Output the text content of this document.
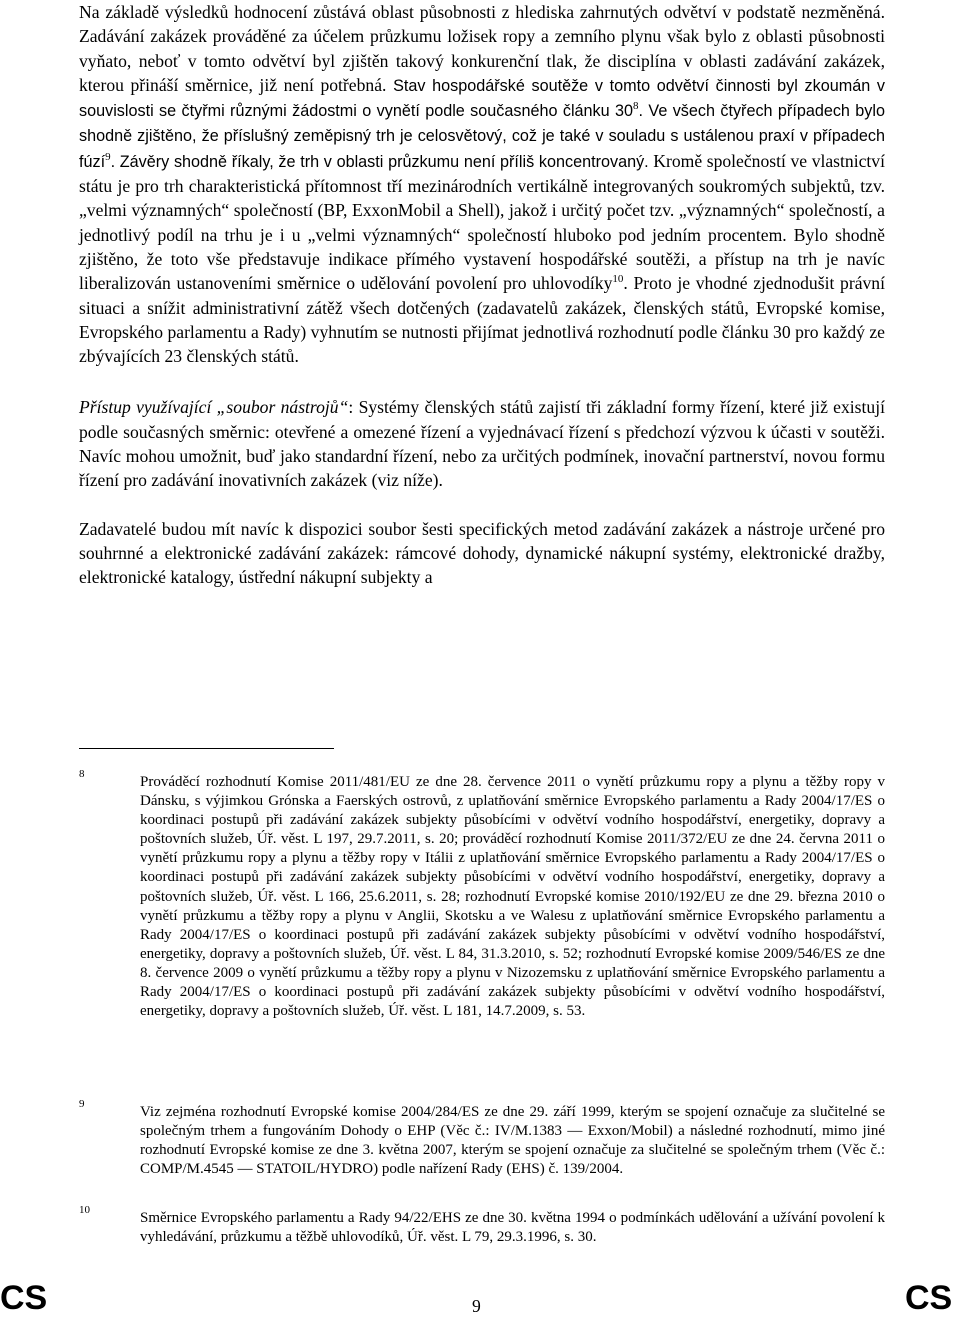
Na základě výsledků hodnocení zůstává oblast působnosti z hlediska zahrnutých odvětví v podstatě nezměněná. Zadávání zakázek prováděné za účelem průzkumu ložisek ropy a zemního plynu však bylo z oblasti působnosti vyňato, neboť v tomto odvětví byl zjištěn takový konkurenční tlak, že disciplína v oblasti zadávání zakázek, kterou přináší směrnice, již není potřebná. Stav hospodářské soutěže v tomto odvětví činnosti byl zkoumán v souvislosti se čtyřmi různými žádostmi o vynětí podle současného článku $30^8$. Ve všech čtyřech případech bylo shodně zjištěno, že příslušný zeměpisný trh je celosvětový, což je také v souladu s ustálenou praxí v případech fúzí$^9$. Závěry shodně říkaly, že trh v oblasti průzkumu není příliš koncentrovaný. Kromě společností ve vlastnictví státu je pro trh charakteristická přítomnost tří mezinárodních vertikálně integrovaných soukromých subjektů, tzv. „velmi významných“ společností (BP, ExxonMobil a Shell), jakož i určitý počet tzv. „významných“ společností, a jednotlivý podíl na trhu je i u „velmi významných“ společností hluboko pod jedním procentem. Bylo shodně zjištěno, že toto vše představuje indikace přímého vystavení hospodářské soutěži, a přístup na trh je navíc liberalizován ustanoveními směrnice o udělování povolení pro uhlovodíky$^{10}$. Proto je vhodné zjednodušit právní situaci a snížit administrativní zátěž všech dotčených (zadavatelů zakázek, členských států, Evropské komise, Evropského parlamentu a Rady) vyhnutím se nutnosti přijímat jednotlivá rozhodnutí podle článku 30 pro každý ze zbývajících 23 členských států.

Přístup využívající „soubor nástrojů“: Systémy členských států zajistí tři základní formy řízení, které již existují podle současných směrnic: otevřené a omezené řízení a vyjednávací řízení s předchozí výzvou k účasti v soutěži. Navíc mohou umožnit, buď jako standardní řízení, nebo za určitých podmínek, inovační partnerství, novou formu řízení pro zadávání inovativních zakázek (viz níže).

Zadavatelé budou mít navíc k dispozici soubor šesti specifických metod zadávání zakázek a nástroje určené pro souhrnné a elektronické zadávání zakázek: rámcové dohody, dynamické nákupní systémy, elektronické dražby, elektronické katalogy, ústřední nákupní subjekty a

8	Prováděcí rozhodnutí Komise 2011/481/EU ze dne 28. července 2011 o vynětí průzkumu ropy a plynu a těžby ropy v Dánsku, s výjimkou Grónska a Faerských ostrovů, z uplatňování směrnice Evropského parlamentu a Rady 2004/17/ES o koordinaci postupů při zadávání zakázek subjekty působícími v odvětví vodního hospodářství, energetiky, dopravy a poštovních služeb, Úř. věst. L 197, 29.7.2011, s. 20; prováděcí rozhodnutí Komise 2011/372/EU ze dne 24. června 2011 o vynětí průzkumu ropy a plynu a těžby ropy v Itálii z uplatňování směrnice Evropského parlamentu a Rady 2004/17/ES o koordinaci postupů při zadávání zakázek subjekty působícími v odvětví vodního hospodářství, energetiky, dopravy a poštovních služeb, Úř. věst. L 166, 25.6.2011, s. 28; rozhodnutí Evropské komise 2010/192/EU ze dne 29. března 2010 o vynětí průzkumu a těžby ropy a plynu v Anglii, Skotsku a ve Walesu z uplatňování směrnice Evropského parlamentu a Rady 2004/17/ES o koordinaci postupů při zadávání zakázek subjekty působícími v odvětví vodního hospodářství, energetiky, dopravy a poštovních služeb, Úř. věst. L 84, 31.3.2010, s. 52; rozhodnutí Evropské komise 2009/546/ES ze dne 8. července 2009 o vynětí průzkumu a těžby ropy a plynu v Nizozemsku z uplatňování směrnice Evropského parlamentu a Rady 2004/17/ES o koordinaci postupů při zadávání zakázek subjekty působícími v odvětví vodního hospodářství, energetiky, dopravy a poštovních služeb, Úř. věst. L 181, 14.7.2009, s. 53.
9	Viz zejména rozhodnutí Evropské komise 2004/284/ES ze dne 29. září 1999, kterým se spojení označuje za slučitelné se společným trhem a fungováním Dohody o EHP (Věc č.: IV/M.1383 — Exxon/Mobil) a následné rozhodnutí, mimo jiné rozhodnutí Evropské komise ze dne 3. května 2007, kterým se spojení označuje za slučitelné se společným trhem (Věc č.: COMP/M.4545 — STATOIL/HYDRO) podle nařízení Rady (EHS) č. 139/2004.
10	Směrnice Evropského parlamentu a Rady 94/22/EHS ze dne 30. května 1994 o podmínkách udělování a užívání povolení k vyhledávání, průzkumu a těžbě uhlovodíků, Úř. věst. L 79, 29.3.1996, s. 30.
CS	9	CS
